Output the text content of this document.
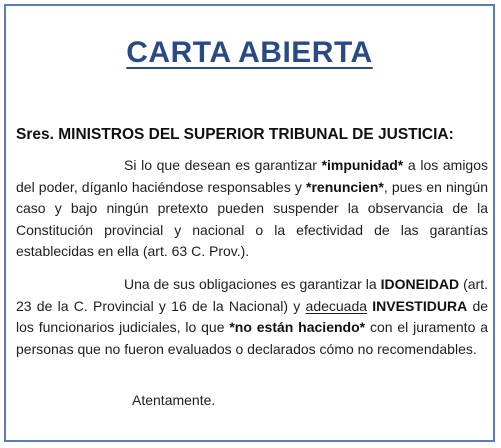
CARTA ABIERTA
Sres. MINISTROS DEL SUPERIOR TRIBUNAL DE JUSTICIA:
Si lo que desean es garantizar *impunidad* a los amigos del poder, díganlo haciéndose responsables y *renuncien*, pues en ningún caso y bajo ningún pretexto pueden suspender la observancia de la Constitución provincial y nacional o la efectividad de las garantías establecidas en ella (art. 63 C. Prov.).
Una de sus obligaciones es garantizar la IDONEIDAD (art. 23 de la C. Provincial y 16 de la Nacional) y adecuada INVESTIDURA de los funcionarios judiciales, lo que *no están haciendo* con el juramento a personas que no fueron evaluados o declarados cómo no recomendables.
Atentamente.
